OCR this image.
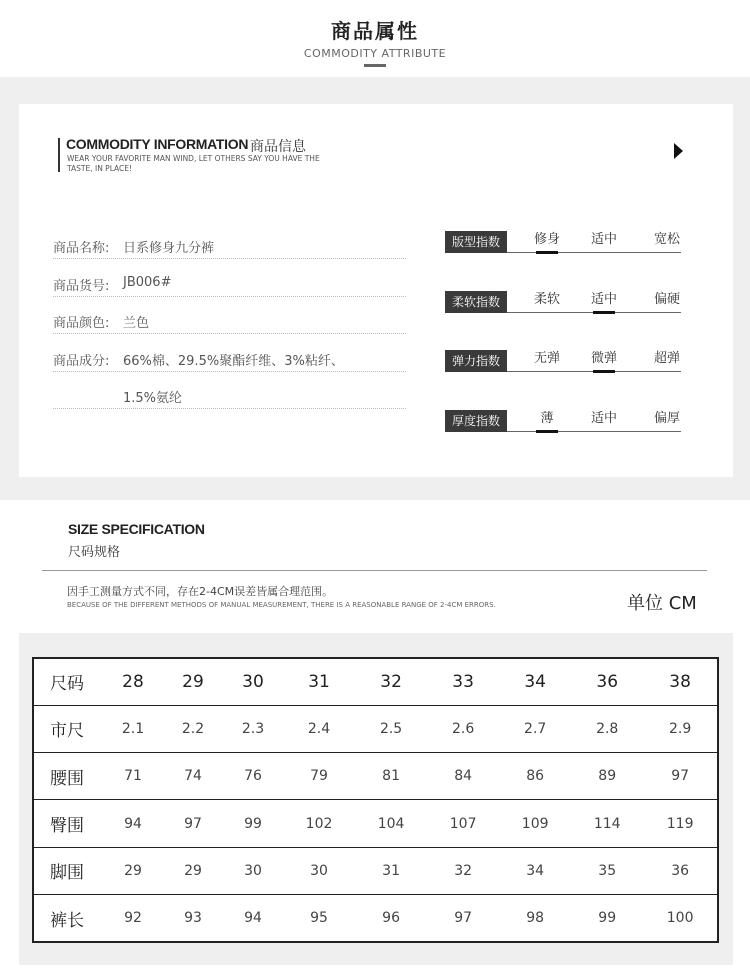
商品属性
COMMODITY ATTRIBUTE
COMMODITY INFORMATION 商品信息
WEAR YOUR FAVORITE MAN WIND, LET OTHERS SAY YOU HAVE THE TASTE, IN PLACE!
商品名称: 日系修身九分裤
商品货号: JB006#
商品颜色: 兰色
商品成分: 66%棉、29.5%聚酯纤维、3%粘纤、
1.5%氨纶
版型指数	修身	适中	宽松
柔软指数	柔软	适中	偏硬
弹力指数	无弹	微弹	超弹
厚度指数	薄	适中	偏厚
SIZE SPECIFICATION
尺码规格
因手工测量方式不同，存在2-4CM误差皆属合理范围。
BECAUSE OF THE DIFFERENT METHODS OF MANUAL MEASUREMENT, THERE IS A REASONABLE RANGE OF 2-4CM ERRORS.	单位 CM
尺码	28	29	30	31	32	33	34	36	38
市尺	2.1	2.2	2.3	2.4	2.5	2.6	2.7	2.8	2.9
腰围	71	74	76	79	81	84	86	89	97
臀围	94	97	99	102	104	107	109	114	119
脚围	29	29	30	30	31	32	34	35	36
裤长	92	93	94	95	96	97	98	99	100
